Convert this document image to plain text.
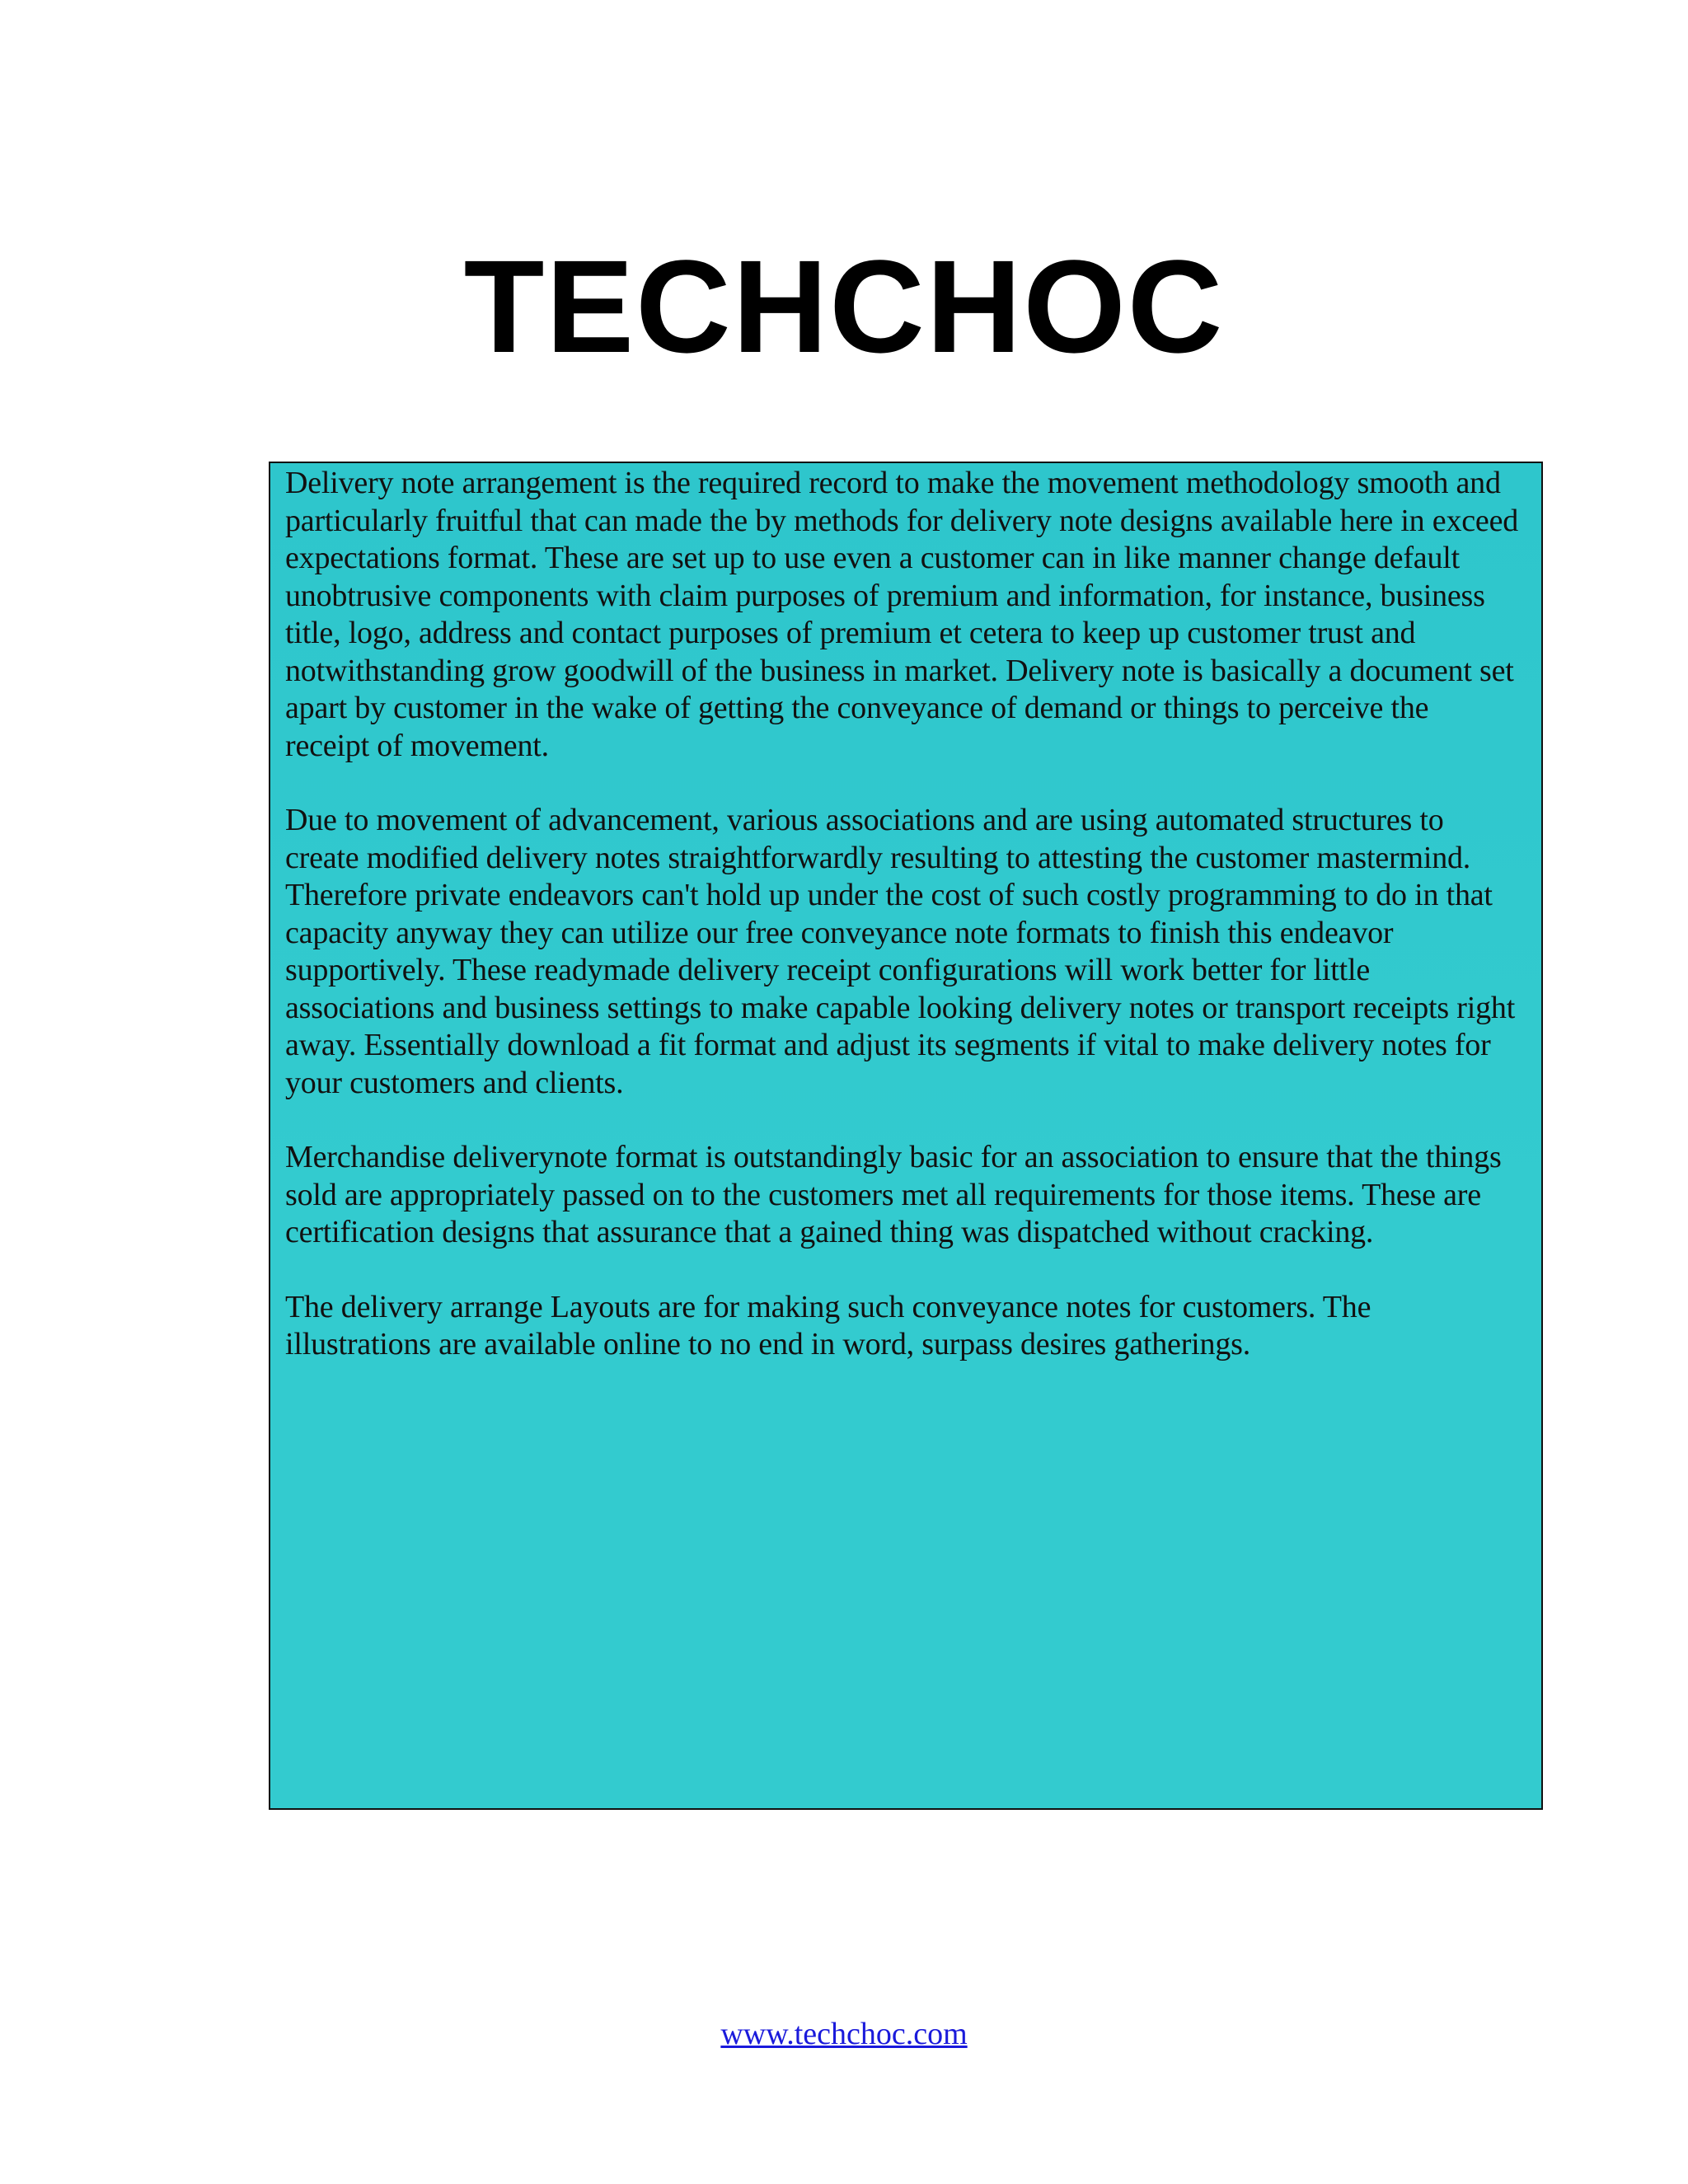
TECHCHOC

Delivery note arrangement is the required record to make the movement methodology smooth and particularly fruitful that can made the by methods for delivery note designs available here in exceed expectations format. These are set up to use even a customer can in like manner change default unobtrusive components with claim purposes of premium and information, for instance, business title, logo, address and contact purposes of premium et cetera to keep up customer trust and notwithstanding grow goodwill of the business in market. Delivery note is basically a document set apart by customer in the wake of getting the conveyance of demand or things to perceive the receipt of movement.

Due to movement of advancement, various associations and are using automated structures to create modified delivery notes straightforwardly resulting to attesting the customer mastermind. Therefore private endeavors can't hold up under the cost of such costly programming to do in that capacity anyway they can utilize our free conveyance note formats to finish this endeavor supportively. These readymade delivery receipt configurations will work better for little associations and business settings to make capable looking delivery notes or transport receipts right away. Essentially download a fit format and adjust its segments if vital to make delivery notes for your customers and clients.

Merchandise deliverynote format is outstandingly basic for an association to ensure that the things sold are appropriately passed on to the customers met all requirements for those items. These are certification designs that assurance that a gained thing was dispatched without cracking.

The delivery arrange Layouts are for making such conveyance notes for customers. The illustrations are available online to no end in word, surpass desires gatherings.

www.techchoc.com
